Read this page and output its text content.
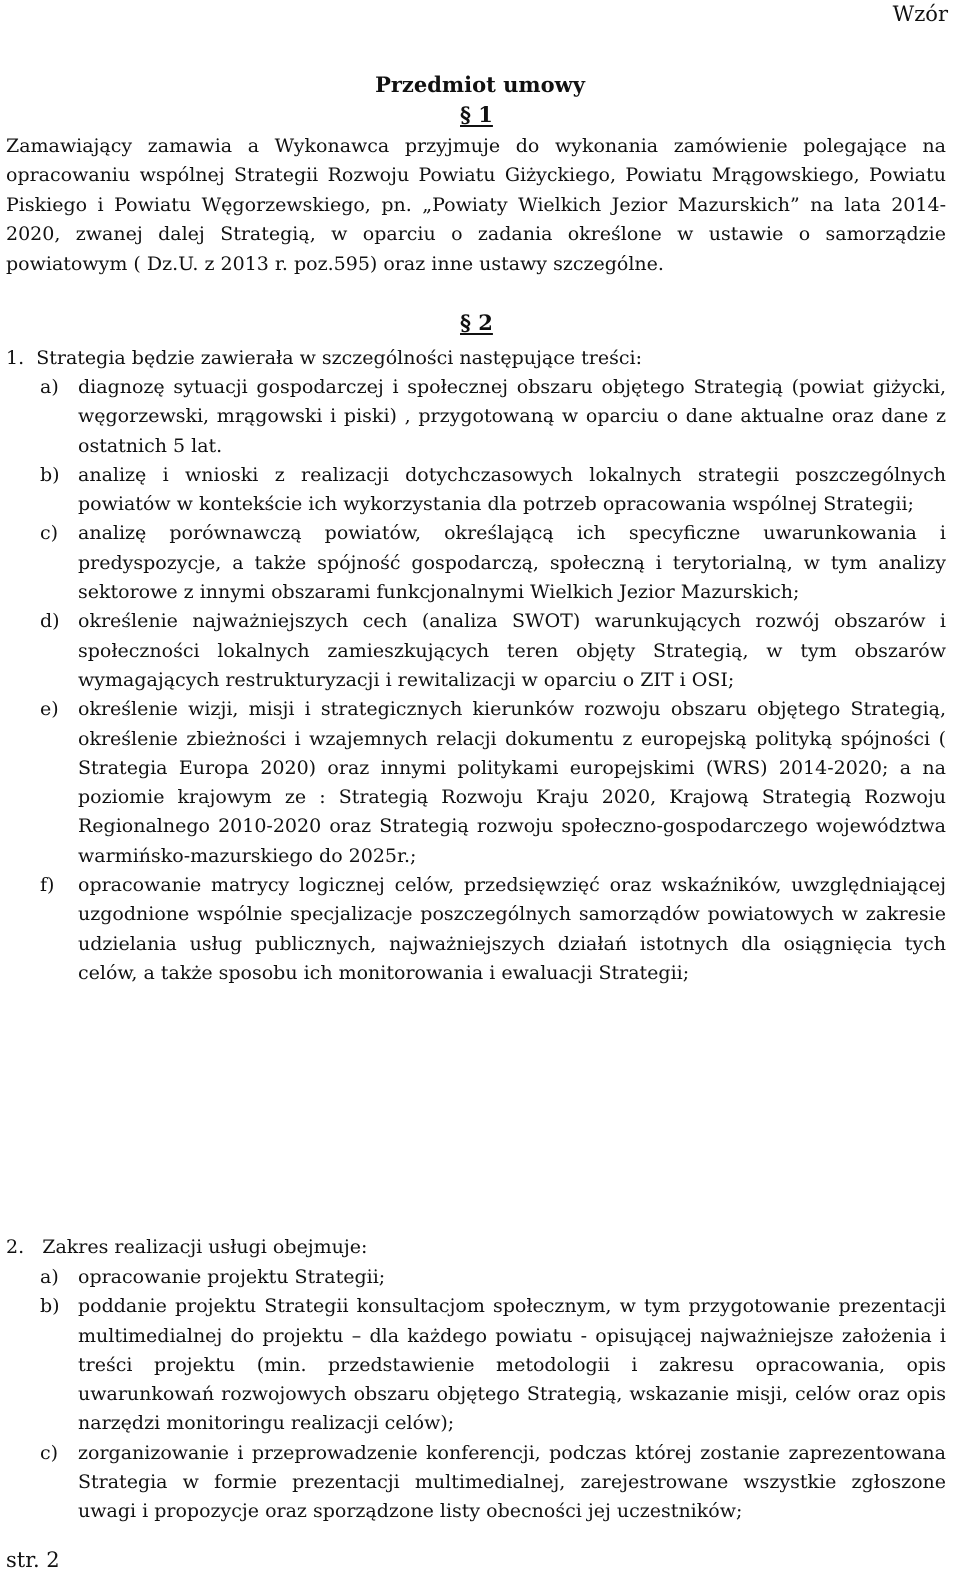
Wzór
Przedmiot umowy
§ 1
Zamawiający zamawia a Wykonawca przyjmuje do wykonania zamówienie polegające na opracowaniu wspólnej Strategii Rozwoju Powiatu Giżyckiego, Powiatu Mrągowskiego, Powiatu Piskiego i Powiatu Węgorzewskiego, pn. „Powiaty Wielkich Jezior Mazurskich” na lata 2014-2020, zwanej dalej Strategią, w oparciu o zadania określone w ustawie o samorządzie powiatowym ( Dz.U. z 2013 r. poz.595) oraz inne ustawy szczególne.
§ 2
1. Strategia będzie zawierała w szczególności następujące treści:
a) diagnozę sytuacji gospodarczej i społecznej obszaru objętego Strategią (powiat giżycki, węgorzewski, mrągowski i piski) , przygotowaną w oparciu o dane aktualne oraz dane z ostatnich 5 lat.
b) analizę i wnioski z realizacji dotychczasowych lokalnych strategii poszczególnych powiatów w kontekście ich wykorzystania dla potrzeb opracowania wspólnej Strategii;
c) analizę porównawczą powiatów, określającą ich specyficzne uwarunkowania i predyspozycje, a także spójność gospodarczą, społeczną i terytorialną, w tym analizy sektorowe z innymi obszarami funkcjonalnymi Wielkich Jezior Mazurskich;
d) określenie najważniejszych cech (analiza SWOT) warunkujących rozwój obszarów i społeczności lokalnych zamieszkujących teren objęty Strategią, w tym obszarów wymagających restrukturyzacji i rewitalizacji w oparciu o ZIT i OSI;
e) określenie wizji, misji i strategicznych kierunków rozwoju obszaru objętego Strategią, określenie zbieżności i wzajemnych relacji dokumentu z europejską polityką spójności ( Strategia Europa 2020) oraz innymi politykami europejskimi (WRS) 2014-2020; a na poziomie krajowym ze : Strategią Rozwoju Kraju 2020, Krajową Strategią Rozwoju Regionalnego 2010-2020 oraz Strategią rozwoju społeczno-gospodarczego województwa warmińsko-mazurskiego do 2025r.;
f) opracowanie matrycy logicznej celów, przedsięwzięć oraz wskaźników, uwzględniającej uzgodnione wspólnie specjalizacje poszczególnych samorządów powiatowych w zakresie udzielania usług publicznych, najważniejszych działań istotnych dla osiągnięcia tych celów, a także sposobu ich monitorowania i ewaluacji Strategii;
2. Zakres realizacji usługi obejmuje:
a) opracowanie projektu Strategii;
b) poddanie projektu Strategii konsultacjom społecznym, w tym przygotowanie prezentacji multimedialnej do projektu – dla każdego powiatu - opisującej najważniejsze założenia i treści projektu (min. przedstawienie metodologii i zakresu opracowania, opis uwarunkowań rozwojowych obszaru objętego Strategią, wskazanie misji, celów oraz opis narzędzi monitoringu realizacji celów);
c) zorganizowanie i przeprowadzenie konferencji, podczas której zostanie zaprezentowana Strategia w formie prezentacji multimedialnej, zarejestrowane wszystkie zgłoszone uwagi i propozycje oraz sporządzone listy obecności jej uczestników;
str. 2
